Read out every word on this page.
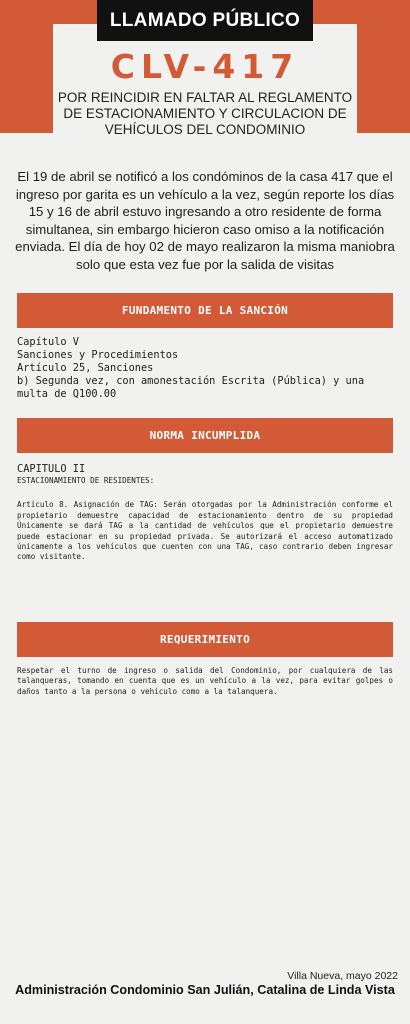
LLAMADO PÚBLICO
CLV-417
POR REINCIDIR EN FALTAR AL REGLAMENTO DE ESTACIONAMIENTO Y CIRCULACION DE VEHÍCULOS DEL CONDOMINIO
El 19 de abril se notificó a los condóminos de la casa 417 que el ingreso por garita es un vehículo a la vez, según reporte los días 15 y 16 de abril estuvo ingresando a otro residente de forma simultanea, sin embargo hicieron caso omiso a la notificación enviada. El día de hoy 02 de mayo realizaron la misma maniobra solo que esta vez fue por la salida de visitas
FUNDAMENTO DE LA SANCIÓN
Capítulo V
Sanciones y Procedimientos
Artículo 25, Sanciones
b) Segunda vez, con amonestación Escrita (Pública) y una multa de Q100.00
NORMA INCUMPLIDA
CAPITULO II
ESTACIONAMIENTO DE RESIDENTES:
Artículo 8. Asignación de TAG: Serán otorgadas por la Administración conforme el propietario demuestre capacidad de estacionamiento dentro de su propiedad Únicamente se dará TAG a la cantidad de vehículos que el propietario demuestre puede estacionar en su propiedad privada. Se autorizará el acceso automatizado únicamente a los vehículos que cuenten con una TAG, caso contrario deben ingresar como visitante.
REQUERIMIENTO
Respetar el turno de ingreso o salida del Condominio, por cualquiera de las talanqueras, tomando en cuenta que es un vehículo a la vez, para evitar golpes o daños tanto a la persona o vehículo como a la talanquera.
Villa Nueva, mayo 2022
Administración Condominio San Julián, Catalina de Linda Vista
